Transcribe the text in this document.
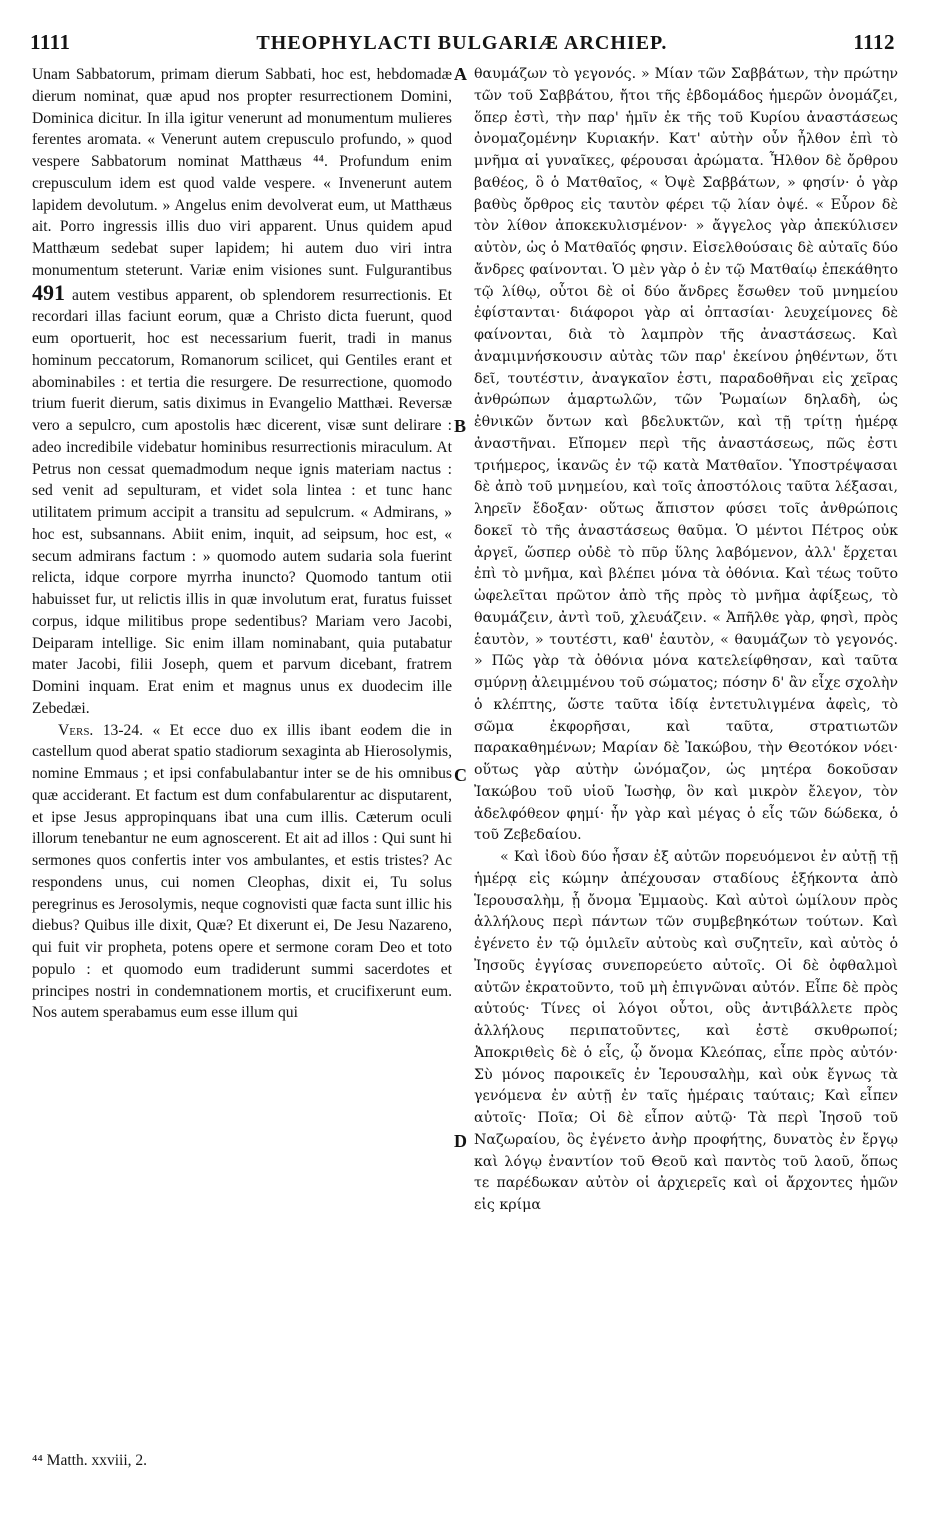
1111	THEOPHYLACTI BULGARIÆ ARCHIEP.	1112

Unam Sabbatorum, primam dierum Sabbati, hoc est, hebdomadæ dierum nominat, quæ apud nos propter resurrectionem Domini, Dominica dicitur. In illa igitur venerunt ad monumentum mulieres ferentes aromata. « Venerunt autem crepusculo profundo, » quod vespere Sabbatorum nominat Matthæus ⁴⁴. Profundum enim crepusculum idem est quod valde vespere. « Invenerunt autem lapidem devolutum. » Angelus enim devolverat eum, ut Matthæus ait. Porro ingressis illis duo viri apparent. Unus quidem apud Matthæum sedebat super lapidem; hi autem duo viri intra monumentum steterunt. Variæ enim visiones sunt. Fulgurantibus 491 autem vestibus apparent, ob splendorem resurrectionis. Et recordari illas faciunt eorum, quæ a Christo dicta fuerunt, quod eum oportuerit, hoc est necessarium fuerit, tradi in manus hominum peccatorum, Romanorum scilicet, qui Gentiles erant et abominabiles : et tertia die resurgere. De resurrectione, quomodo trium fuerit dierum, satis diximus in Evangelio Matthæi. Reversæ vero a sepulcro, cum apostolis hæc dicerent, visæ sunt delirare : adeo incredibile videbatur hominibus resurrectionis miraculum. At Petrus non cessat quemadmodum neque ignis materiam nactus : sed venit ad sepulturam, et videt sola lintea : et tunc hanc utilitatem primum accipit a transitu ad sepulcrum. « Admirans, » hoc est, subsannans. Abiit enim, inquit, ad seipsum, hoc est, « secum admirans factum : » quomodo autem sudaria sola fuerint relicta, idque corpore myrrha inuncto? Quomodo tantum otii habuisset fur, ut relictis illis in quæ involutum erat, furatus fuisset corpus, idque militibus prope sedentibus? Mariam vero Jacobi, Deiparam intellige. Sic enim illam nominabant, quia putabatur mater Jacobi, filii Joseph, quem et parvum dicebant, fratrem Domini inquam. Erat enim et magnus unus ex duodecim ille Zebedæi.

Vers. 13-24. « Et ecce duo ex illis ibant eodem die in castellum quod aberat spatio stadiorum sexaginta ab Hierosolymis, nomine Emmaus ; et ipsi confabulabantur inter se de his omnibus quæ acciderant. Et factum est dum confabularentur ac disputarent, et ipse Jesus appropinquans ibat una cum illis. Cæterum oculi illorum tenebantur ne eum agnoscerent. Et ait ad illos : Qui sunt hi sermones quos confertis inter vos ambulantes, et estis tristes? Ac respondens unus, cui nomen Cleophas, dixit ei, Tu solus peregrinus es Jerosolymis, neque cognovisti quæ facta sunt illic his diebus? Quibus ille dixit, Quæ? Et dixerunt ei, De Jesu Nazareno, qui fuit vir propheta, potens opere et sermone coram Deo et toto populo : et quomodo eum tradiderunt summi sacerdotes et principes nostri in condemnationem mortis, et crucifixerunt eum. Nos autem sperabamus eum esse illum qui

A
B
C
D

θαυμάζων τὸ γεγονός. » Μίαν τῶν Σαββάτων, τὴν πρώτην τῶν τοῦ Σαββάτου, ἤτοι τῆς ἑβδομάδος ἡμερῶν ὀνομάζει, ὅπερ ἐστὶ, τὴν παρ' ἡμῖν ἐκ τῆς τοῦ Κυρίου ἀναστάσεως ὀνομαζομένην Κυριακήν. Κατ' αὐτὴν οὖν ἦλθον ἐπὶ τὸ μνῆμα αἱ γυναῖκες, φέρουσαι ἀρώματα. Ἦλθον δὲ ὄρθρου βαθέος, ὃ ὁ Ματθαῖος, « Ὀψὲ Σαββάτων, » φησίν· ὁ γὰρ βαθὺς ὄρθρος εἰς ταυτὸν φέρει τῷ λίαν ὀψέ. « Εὗρον δὲ τὸν λίθον ἀποκεκυλισμένον· » ἄγγελος γὰρ ἀπεκύλισεν αὐτὸν, ὡς ὁ Ματθαῖός φησιν. Εἰσελθούσαις δὲ αὐταῖς δύο ἄνδρες φαίνονται. Ὁ μὲν γὰρ ὁ ἐν τῷ Ματθαίῳ ἐπεκάθητο τῷ λίθῳ, οὗτοι δὲ οἱ δύο ἄνδρες ἔσωθεν τοῦ μνημείου ἐφίστανται· διάφοροι γὰρ αἱ ὀπτασίαι· λευχείμονες δὲ φαίνονται, διὰ τὸ λαμπρὸν τῆς ἀναστάσεως. Καὶ ἀναμιμνήσκουσιν αὐτὰς τῶν παρ' ἐκείνου ῥηθέντων, ὅτι δεῖ, τουτέστιν, ἀναγκαῖον ἐστι, παραδοθῆναι εἰς χεῖρας ἀνθρώπων ἁμαρτωλῶν, τῶν Ῥωμαίων δηλαδὴ, ὡς ἐθνικῶν ὄντων καὶ βδελυκτῶν, καὶ τῇ τρίτῃ ἡμέρᾳ ἀναστῆναι. Εἴπομεν περὶ τῆς ἀναστάσεως, πῶς ἐστι τριήμερος, ἱκανῶς ἐν τῷ κατὰ Ματθαῖον. Ὑποστρέψασαι δὲ ἀπὸ τοῦ μνημείου, καὶ τοῖς ἀποστόλοις ταῦτα λέξασαι, ληρεῖν ἔδοξαν· οὕτως ἄπιστον φύσει τοῖς ἀνθρώποις δοκεῖ τὸ τῆς ἀναστάσεως θαῦμα. Ὁ μέντοι Πέτρος οὐκ ἀργεῖ, ὥσπερ οὐδὲ τὸ πῦρ ὕλης λαβόμενον, ἀλλ' ἔρχεται ἐπὶ τὸ μνῆμα, καὶ βλέπει μόνα τὰ ὀθόνια. Καὶ τέως τοῦτο ὠφελεῖται πρῶτον ἀπὸ τῆς πρὸς τὸ μνῆμα ἀφίξεως, τὸ θαυμάζειν, ἀντὶ τοῦ, χλευάζειν. « Ἀπῆλθε γὰρ, φησὶ, πρὸς ἑαυτὸν, » τουτέστι, καθ' ἑαυτὸν, « θαυμάζων τὸ γεγονός. » Πῶς γὰρ τὰ ὀθόνια μόνα κατελείφθησαν, καὶ ταῦτα σμύρνῃ ἀλειμμένου τοῦ σώματος; πόσην δ' ἂν εἶχε σχολὴν ὁ κλέπτης, ὥστε ταῦτα ἰδίᾳ ἐντετυλιγμένα ἀφεὶς, τὸ σῶμα ἐκφορῆσαι, καὶ ταῦτα, στρατιωτῶν παρακαθημένων; Μαρίαν δὲ Ἰακώβου, τὴν Θεοτόκον νόει· οὕτως γὰρ αὐτὴν ὠνόμαζον, ὡς μητέρα δοκοῦσαν Ἰακώβου τοῦ υἱοῦ Ἰωσὴφ, ὃν καὶ μικρὸν ἔλεγον, τὸν ἀδελφόθεον φημί· ἦν γὰρ καὶ μέγας ὁ εἷς τῶν δώδεκα, ὁ τοῦ Ζεβεδαίου.

« Καὶ ἰδοὺ δύο ἦσαν ἐξ αὐτῶν πορευόμενοι ἐν αὐτῇ τῇ ἡμέρᾳ εἰς κώμην ἀπέχουσαν σταδίους ἑξήκοντα ἀπὸ Ἱερουσαλὴμ, ᾗ ὄνομα Ἐμμαοὺς. Καὶ αὐτοὶ ὡμίλουν πρὸς ἀλλήλους περὶ πάντων τῶν συμβεβηκότων τούτων. Καὶ ἐγένετο ἐν τῷ ὁμιλεῖν αὐτοὺς καὶ συζητεῖν, καὶ αὐτὸς ὁ Ἰησοῦς ἐγγίσας συνεπορεύετο αὐτοῖς. Οἱ δὲ ὀφθαλμοὶ αὐτῶν ἐκρατοῦντο, τοῦ μὴ ἐπιγνῶναι αὐτόν. Εἶπε δὲ πρὸς αὐτούς· Τίνες οἱ λόγοι οὗτοι, οὓς ἀντιβάλλετε πρὸς ἀλλήλους περιπατοῦντες, καὶ ἐστὲ σκυθρωποί; Ἀποκριθεὶς δὲ ὁ εἷς, ᾧ ὄνομα Κλεόπας, εἶπε πρὸς αὐτόν· Σὺ μόνος παροικεῖς ἐν Ἱερουσαλὴμ, καὶ οὐκ ἔγνως τὰ γενόμενα ἐν αὐτῇ ἐν ταῖς ἡμέραις ταύταις; Καὶ εἶπεν αὐτοῖς· Ποῖα; Οἱ δὲ εἶπον αὐτῷ· Τὰ περὶ Ἰησοῦ τοῦ Ναζωραίου, ὃς ἐγένετο ἀνὴρ προφήτης, δυνατὸς ἐν ἔργῳ καὶ λόγῳ ἐναντίον τοῦ Θεοῦ καὶ παντὸς τοῦ λαοῦ, ὅπως τε παρέδωκαν αὐτὸν οἱ ἀρχιερεῖς καὶ οἱ ἄρχοντες ἡμῶν εἰς κρίμα

⁴⁴ Matth. xxviii, 2.
